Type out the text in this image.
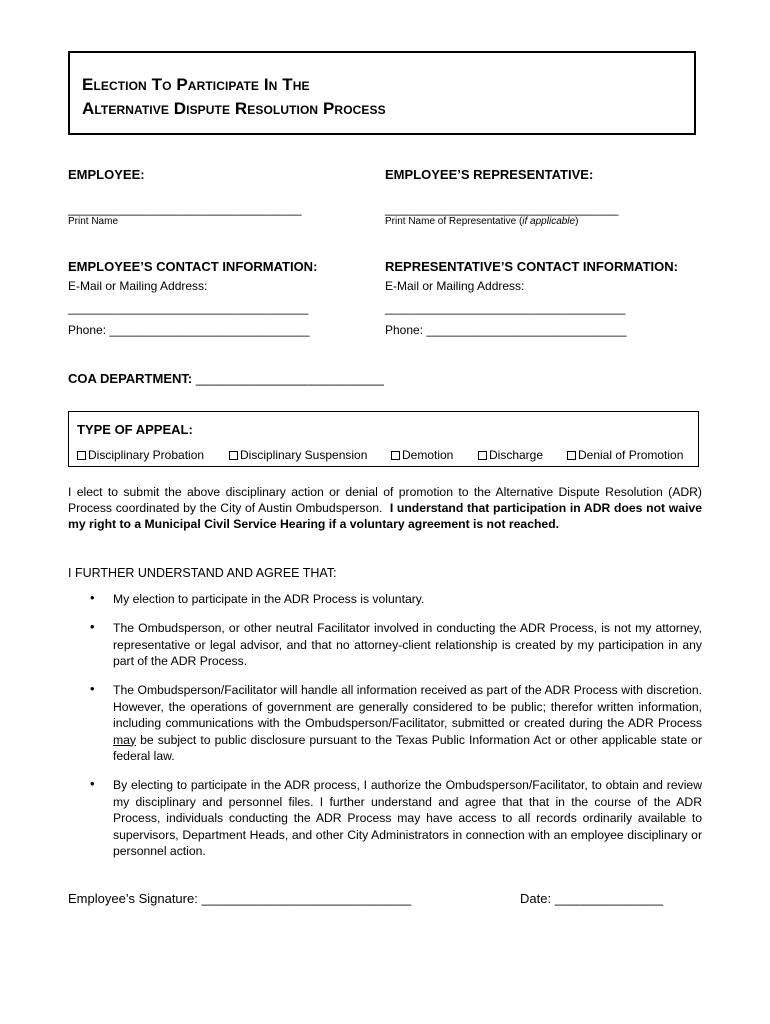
Election To Participate In The
Alternative Dispute Resolution Process
EMPLOYEE:
___________________________________
Print Name
EMPLOYEE’S CONTACT INFORMATION:
E-Mail or Mailing Address:
____________________________________
Phone: ______________________________
EMPLOYEE’S REPRESENTATIVE:
___________________________________
Print Name of Representative (if applicable)
REPRESENTATIVE’S CONTACT INFORMATION:
E-Mail or Mailing Address:
____________________________________
Phone: ______________________________
COA DEPARTMENT: __________________________
TYPE OF APPEAL:
Disciplinary Probation	Disciplinary Suspension	Demotion	Discharge	Denial of Promotion
I elect to submit the above disciplinary action or denial of promotion to the Alternative Dispute Resolution (ADR) Process coordinated by the City of Austin Ombudsperson. I understand that participation in ADR does not waive my right to a Municipal Civil Service Hearing if a voluntary agreement is not reached.
I FURTHER UNDERSTAND AND AGREE THAT:
• My election to participate in the ADR Process is voluntary.
• The Ombudsperson, or other neutral Facilitator involved in conducting the ADR Process, is not my attorney, representative or legal advisor, and that no attorney-client relationship is created by my participation in any part of the ADR Process.
• The Ombudsperson/Facilitator will handle all information received as part of the ADR Process with discretion. However, the operations of government are generally considered to be public; therefor written information, including communications with the Ombudsperson/Facilitator, submitted or created during the ADR Process may be subject to public disclosure pursuant to the Texas Public Information Act or other applicable state or federal law.
• By electing to participate in the ADR process, I authorize the Ombudsperson/Facilitator, to obtain and review my disciplinary and personnel files. I further understand and agree that that in the course of the ADR Process, individuals conducting the ADR Process may have access to all records ordinarily available to supervisors, Department Heads, and other City Administrators in connection with an employee disciplinary or personnel action.
Employee’s Signature: _____________________________	Date: _______________
